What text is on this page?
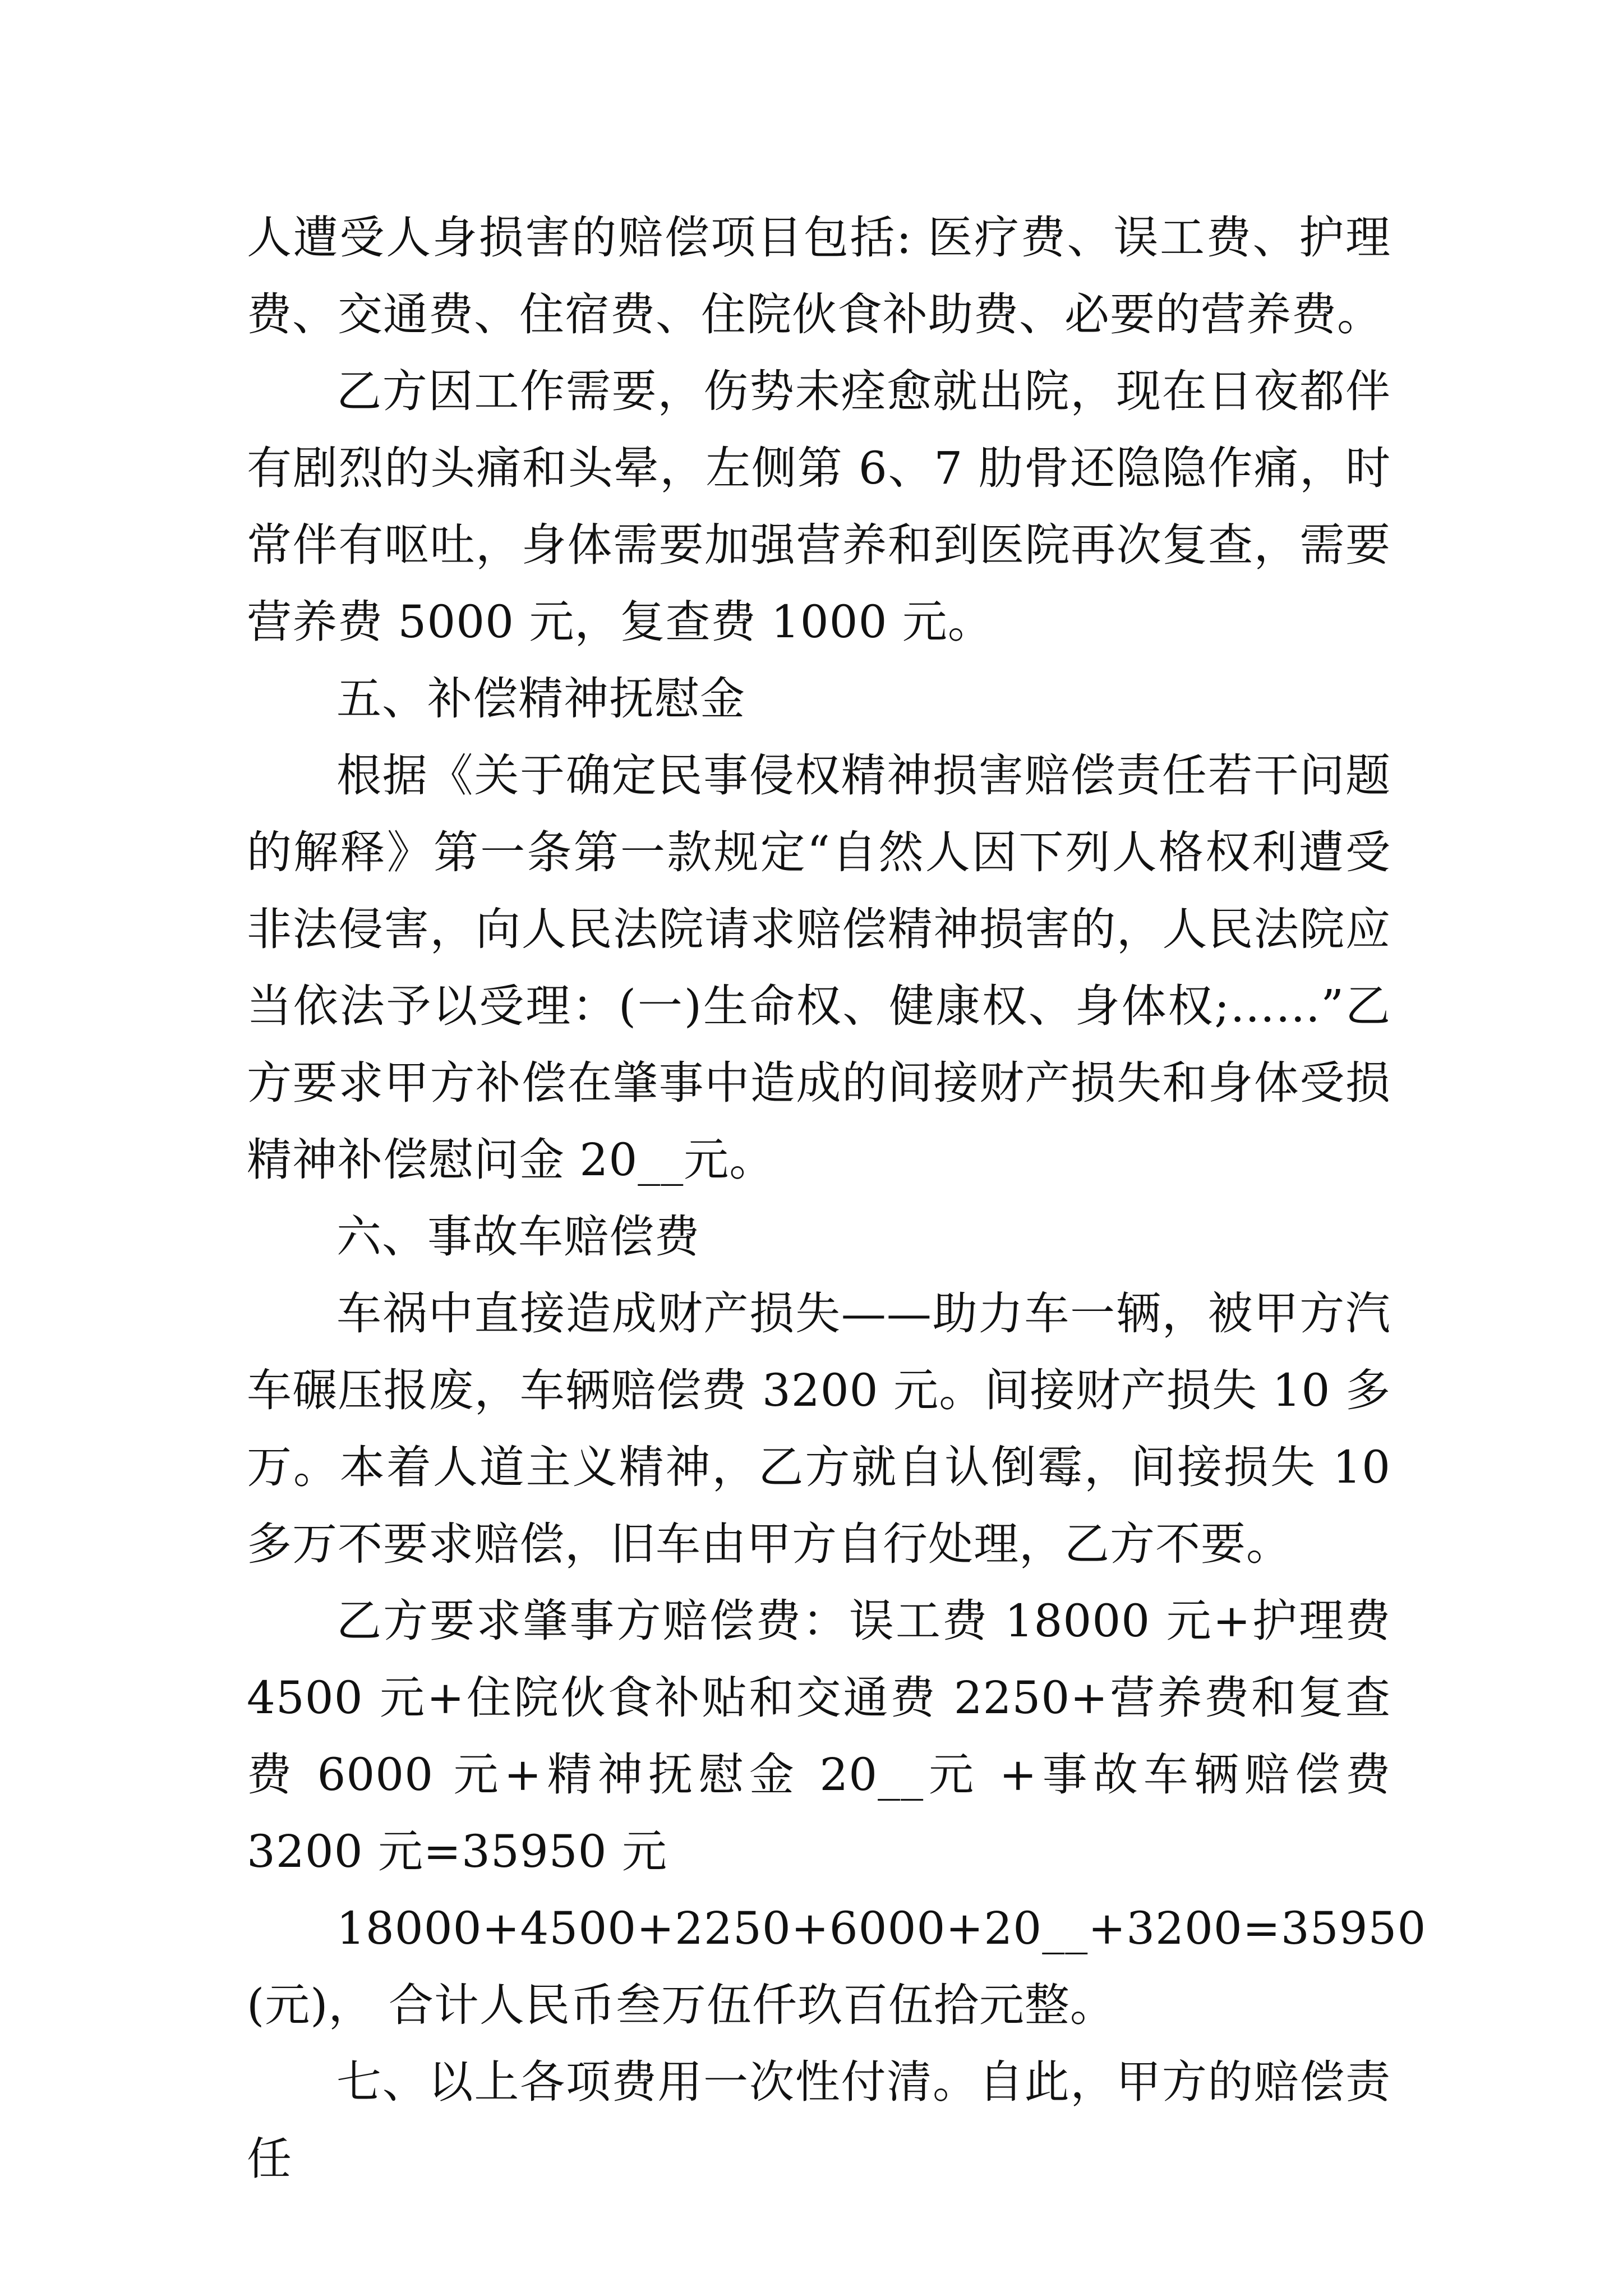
人遭受人身损害的赔偿项目包括: 医疗费、误工费、护理费、交通费、住宿费、住院伙食补助费、必要的营养费。

乙方因工作需要，伤势未痊愈就出院，现在日夜都伴有剧烈的头痛和头晕，左侧第 6、7 肋骨还隐隐作痛，时常伴有呕吐，身体需要加强营养和到医院再次复查，需要营养费 5000 元，复查费 1000 元。

五、补偿精神抚慰金

根据《关于确定民事侵权精神损害赔偿责任若干问题的解释》第一条第一款规定“自然人因下列人格权利遭受非法侵害，向人民法院请求赔偿精神损害的，人民法院应当依法予以受理：(一)生命权、健康权、身体权;……”乙方要求甲方补偿在肇事中造成的间接财产损失和身体受损精神补偿慰问金 20__元。

六、事故车赔偿费

车祸中直接造成财产损失——助力车一辆，被甲方汽车碾压报废，车辆赔偿费 3200 元。间接财产损失 10 多万。本着人道主义精神，乙方就自认倒霉，间接损失 10 多万不要求赔偿，旧车由甲方自行处理，乙方不要。

乙方要求肇事方赔偿费：误工费 18000 元+护理费 4500 元+住院伙食补贴和交通费 2250+营养费和复查费 6000 元+精神抚慰金 20__元 +事故车辆赔偿费 3200 元=35950 元

18000+4500+2250+6000+20__+3200=35950 (元)， 合计人民币叁万伍仟玖百伍拾元整。

七、以上各项费用一次性付清。自此，甲方的赔偿责任
